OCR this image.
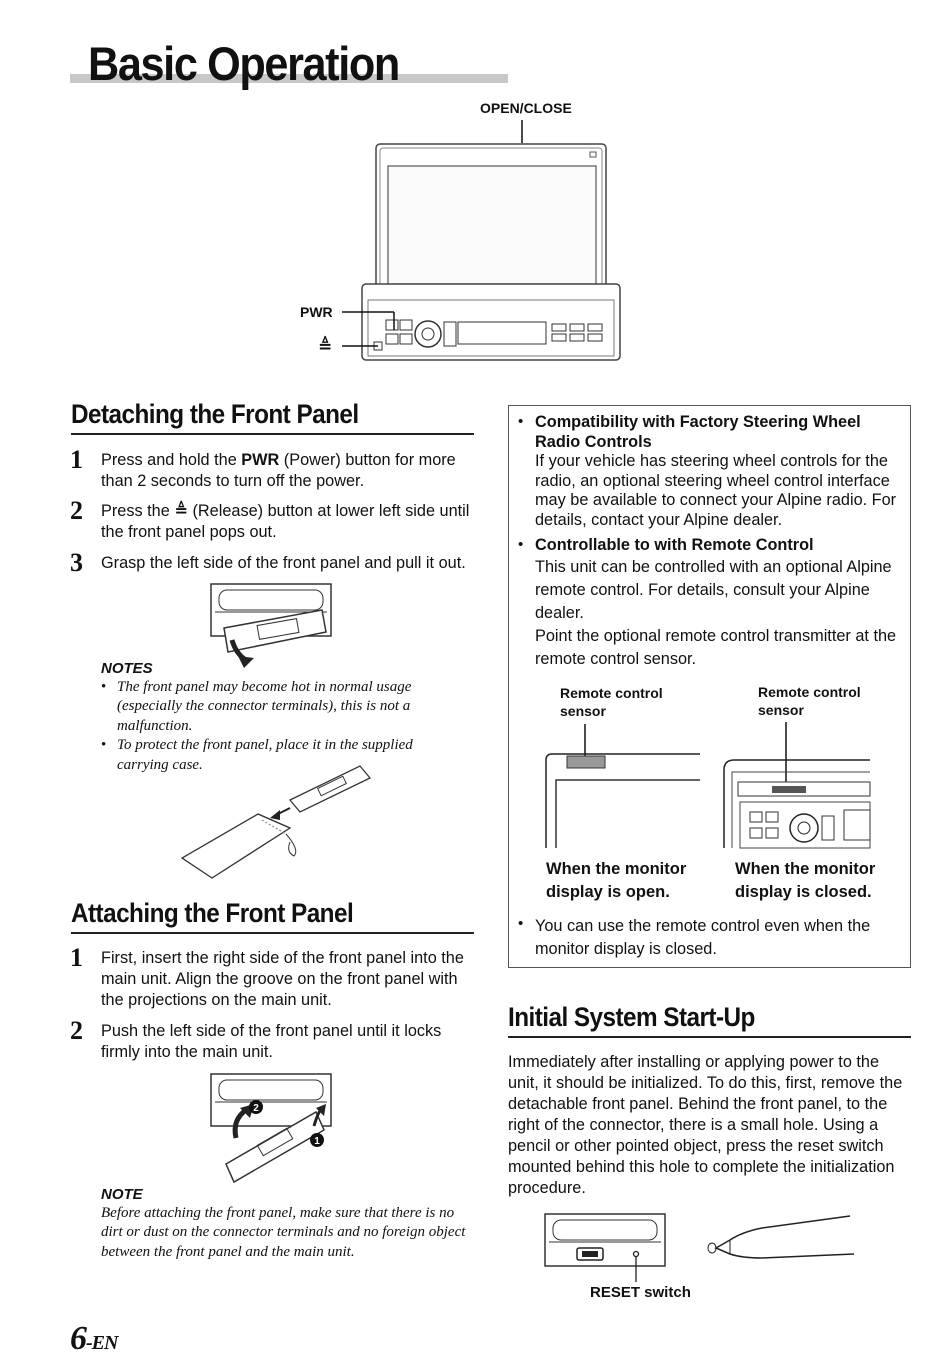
Basic Operation
OPEN/CLOSE
PWR
≜
Detaching the Front Panel
1 Press and hold the PWR (Power) button for more than 2 seconds to turn off the power.
2 Press the ≜ (Release) button at lower left side until the front panel pops out.
3 Grasp the left side of the front panel and pull it out.
NOTES
• The front panel may become hot in normal usage (especially the connector terminals), this is not a malfunction.
• To protect the front panel, place it in the supplied carrying case.
Attaching the Front Panel
1 First, insert the right side of the front panel into the main unit. Align the groove on the front panel with the projections on the main unit.
2 Push the left side of the front panel until it locks firmly into the main unit.
2
1
NOTE
Before attaching the front panel, make sure that there is no dirt or dust on the connector terminals and no foreign object between the front panel and the main unit.
6-EN
• Compatibility with Factory Steering Wheel Radio Controls
If your vehicle has steering wheel controls for the radio, an optional steering wheel control interface may be available to connect your Alpine radio. For details, contact your Alpine dealer.
• Controllable to with Remote Control
This unit can be controlled with an optional Alpine remote control. For details, consult your Alpine dealer.
Point the optional remote control transmitter at the remote control sensor.
Remote control sensor
Remote control sensor
When the monitor display is open.
When the monitor display is closed.
• You can use the remote control even when the monitor display is closed.
Initial System Start-Up
Immediately after installing or applying power to the unit, it should be initialized. To do this, first, remove the detachable front panel. Behind the front panel, to the right of the connector, there is a small hole. Using a pencil or other pointed object, press the reset switch mounted behind this hole to complete the initialization procedure.
RESET switch
